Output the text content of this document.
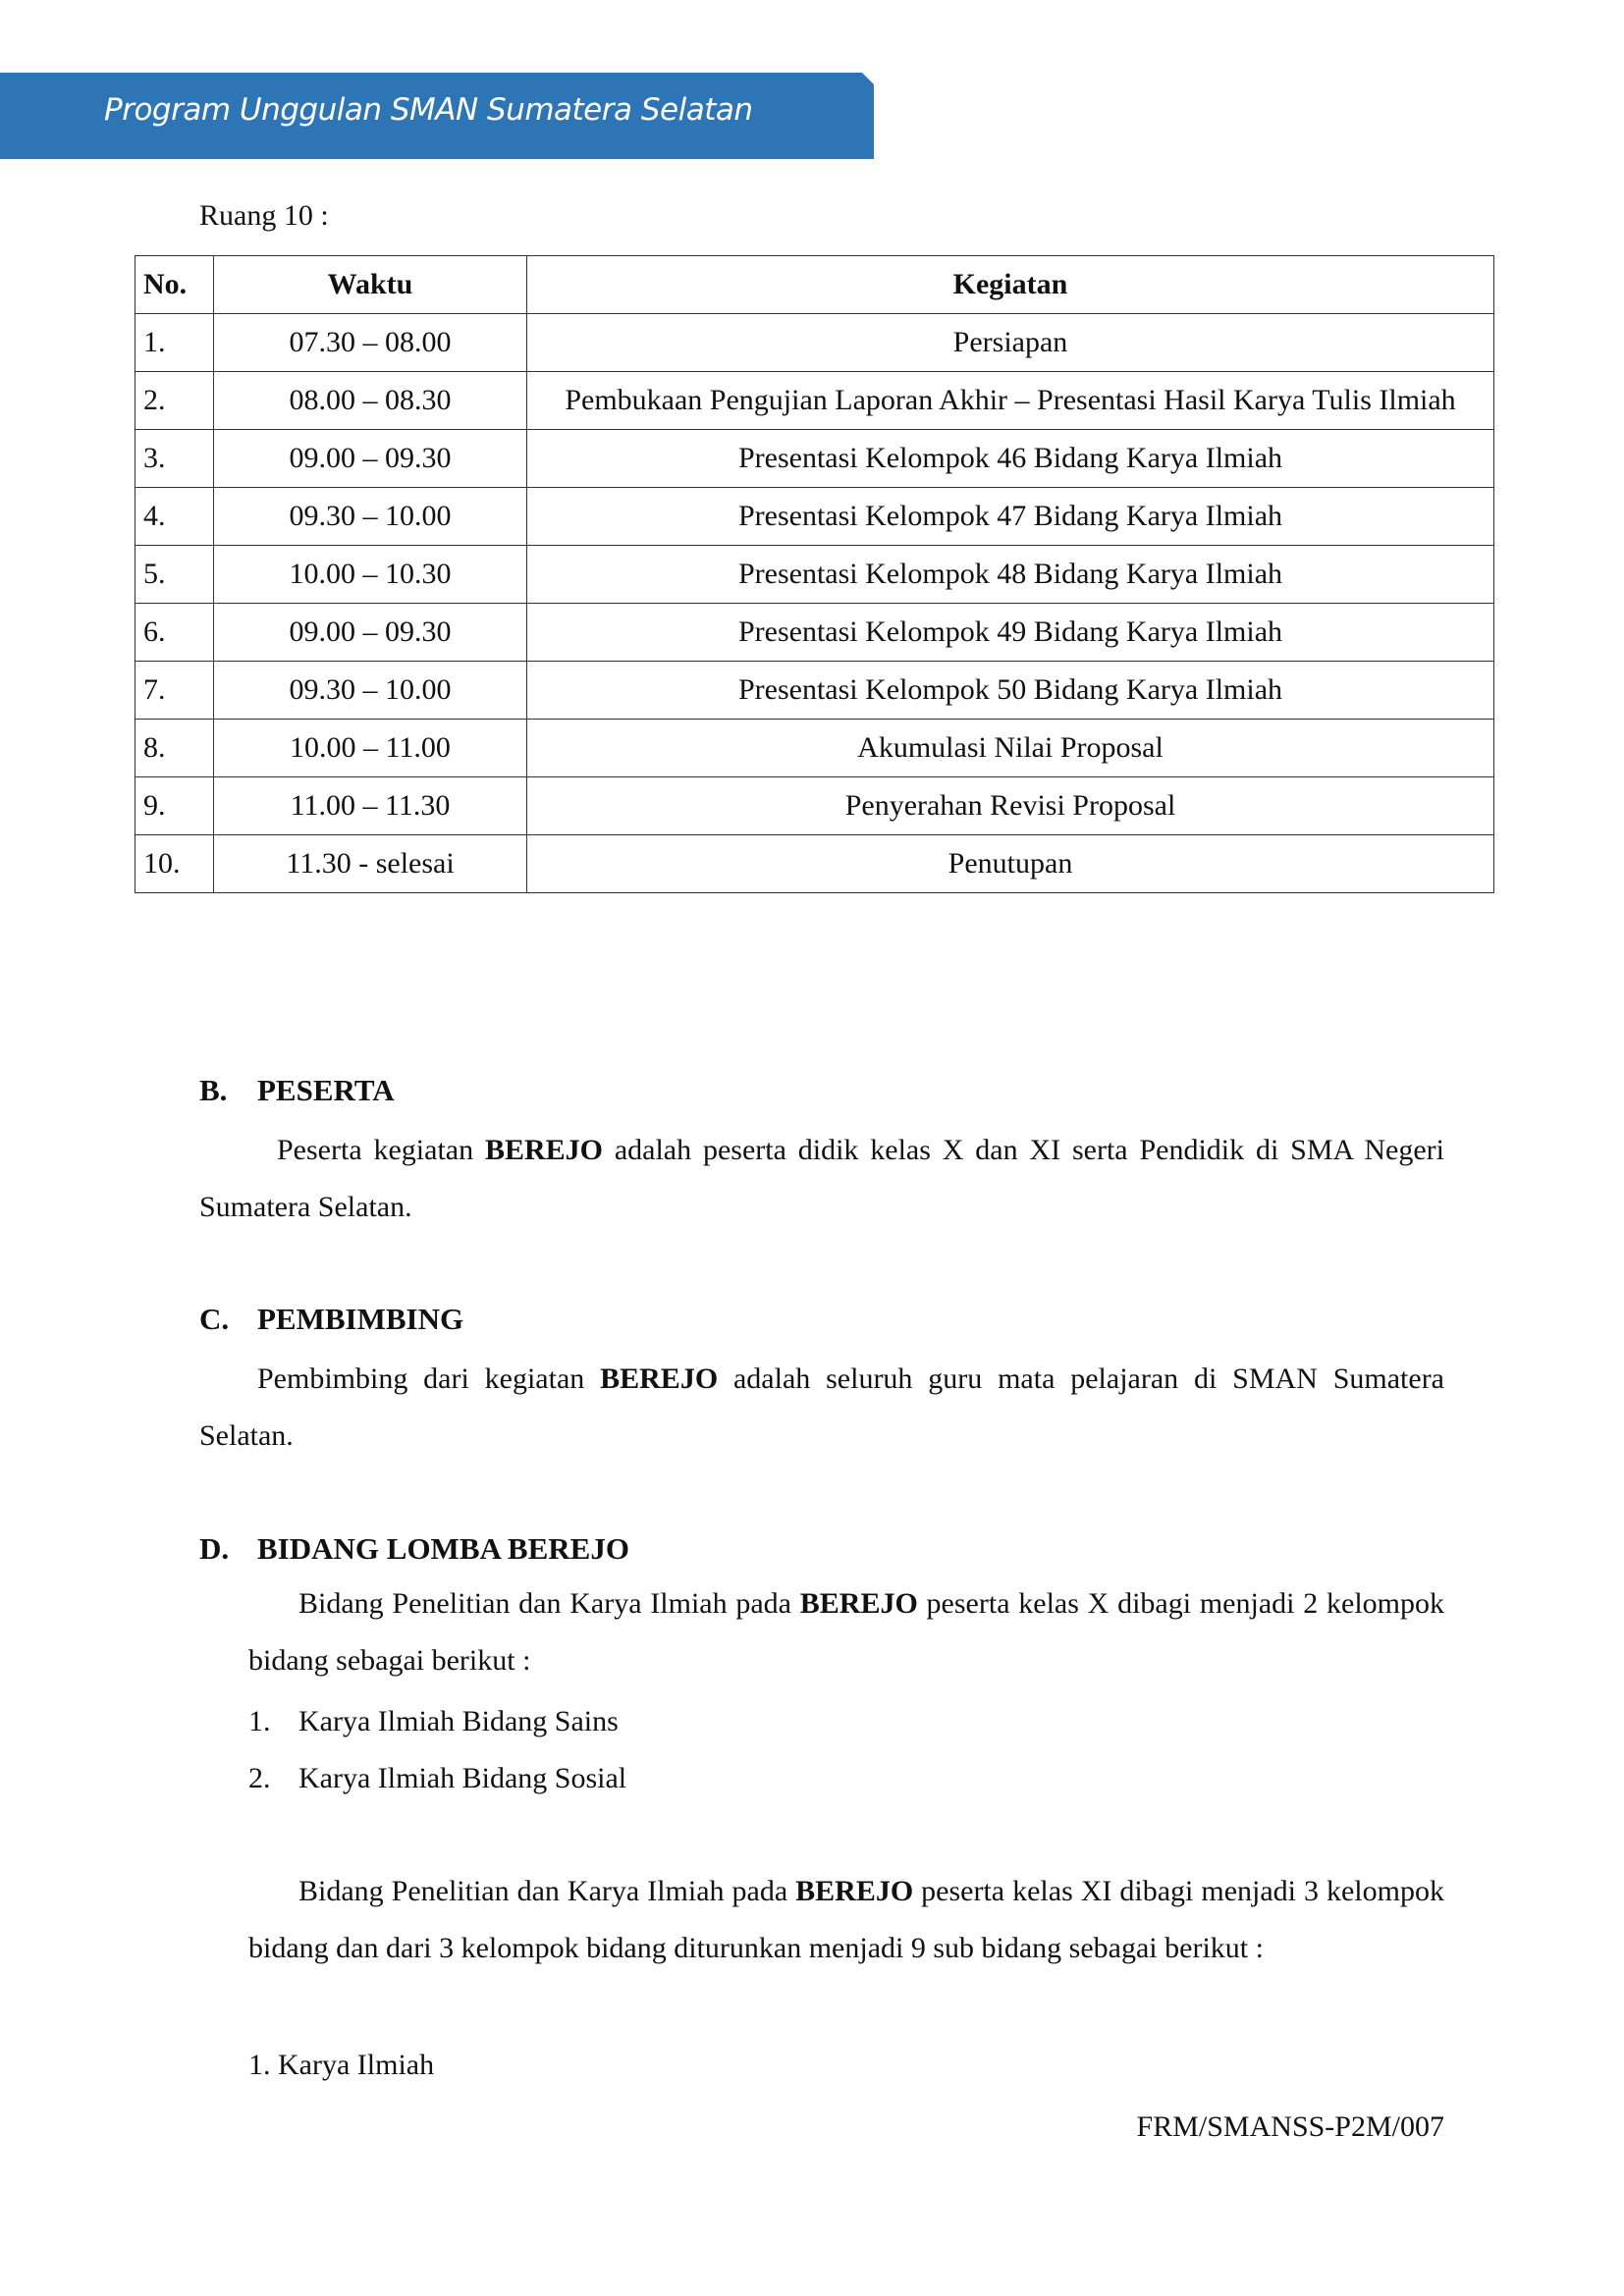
Program Unggulan SMAN Sumatera Selatan
Ruang 10 :
No.	Waktu	Kegiatan
1.	07.30 – 08.00	Persiapan
2.	08.00 – 08.30	Pembukaan Pengujian Laporan Akhir – Presentasi Hasil Karya Tulis Ilmiah
3.	09.00 – 09.30	Presentasi Kelompok 46 Bidang Karya Ilmiah
4.	09.30 – 10.00	Presentasi Kelompok 47 Bidang Karya Ilmiah
5.	10.00 – 10.30	Presentasi Kelompok 48 Bidang Karya Ilmiah
6.	09.00 – 09.30	Presentasi Kelompok 49 Bidang Karya Ilmiah
7.	09.30 – 10.00	Presentasi Kelompok 50 Bidang Karya Ilmiah
8.	10.00 – 11.00	Akumulasi Nilai Proposal
9.	11.00 – 11.30	Penyerahan Revisi Proposal
10.	11.30 - selesai	Penutupan
B. PESERTA
Peserta kegiatan BEREJO adalah peserta didik kelas X dan XI serta Pendidik di SMA Negeri Sumatera Selatan.
C. PEMBIMBING
Pembimbing dari kegiatan BEREJO adalah seluruh guru mata pelajaran di SMAN Sumatera Selatan.
D. BIDANG LOMBA BEREJO
Bidang Penelitian dan Karya Ilmiah pada BEREJO peserta kelas X dibagi menjadi 2 kelompok bidang sebagai berikut :
1. Karya Ilmiah Bidang Sains
2. Karya Ilmiah Bidang Sosial
Bidang Penelitian dan Karya Ilmiah pada BEREJO peserta kelas XI dibagi menjadi 3 kelompok bidang dan dari 3 kelompok bidang diturunkan menjadi 9 sub bidang sebagai berikut :
1. Karya Ilmiah
FRM/SMANSS-P2M/007
